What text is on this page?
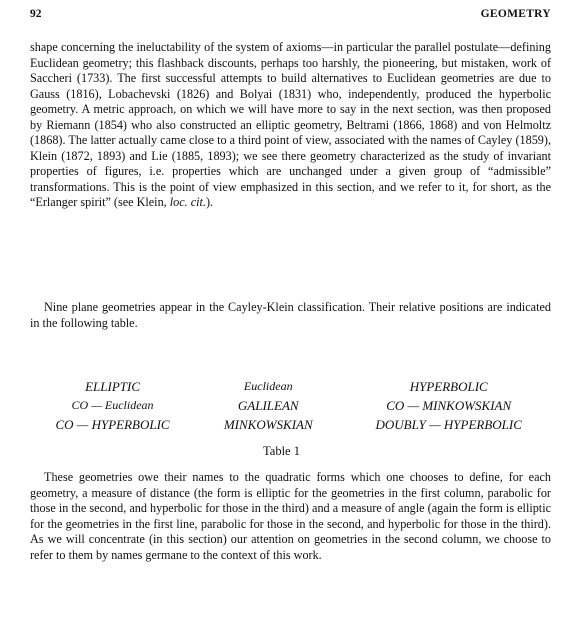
92	GEOMETRY

shape concerning the ineluctability of the system of axioms—in particular the parallel postulate—defining Euclidean geometry; this flashback discounts, perhaps too harshly, the pioneering, but mistaken, work of Saccheri (1733). The first successful attempts to build alternatives to Euclidean geometries are due to Gauss (1816), Lobachevski (1826) and Bolyai (1831) who, independently, produced the hyperbolic geometry. A metric approach, on which we will have more to say in the next section, was then proposed by Riemann (1854) who also constructed an elliptic geometry, Beltrami (1866, 1868) and von Helmoltz (1868). The latter actually came close to a third point of view, associated with the names of Cayley (1859), Klein (1872, 1893) and Lie (1885, 1893); we see there geometry characterized as the study of invariant properties of figures, i.e. properties which are unchanged under a given group of “admissible” transformations. This is the point of view emphasized in this section, and we refer to it, for short, as the “Erlanger spirit” (see Klein, loc. cit.).

Nine plane geometries appear in the Cayley-Klein classification. Their relative positions are indicated in the following table.

ELLIPTIC	Euclidean	HYPERBOLIC
CO — Euclidean	GALILEAN	CO — MINKOWSKIAN
CO — HYPERBOLIC	MINKOWSKIAN	DOUBLY — HYPERBOLIC
Table 1

These geometries owe their names to the quadratic forms which one chooses to define, for each geometry, a measure of distance (the form is elliptic for the geometries in the first column, parabolic for those in the second, and hyperbolic for those in the third) and a measure of angle (again the form is elliptic for the geometries in the first line, parabolic for those in the second, and hyperbolic for those in the third). As we will concentrate (in this section) our attention on geometries in the second column, we choose to refer to them by names germane to the context of this work.
